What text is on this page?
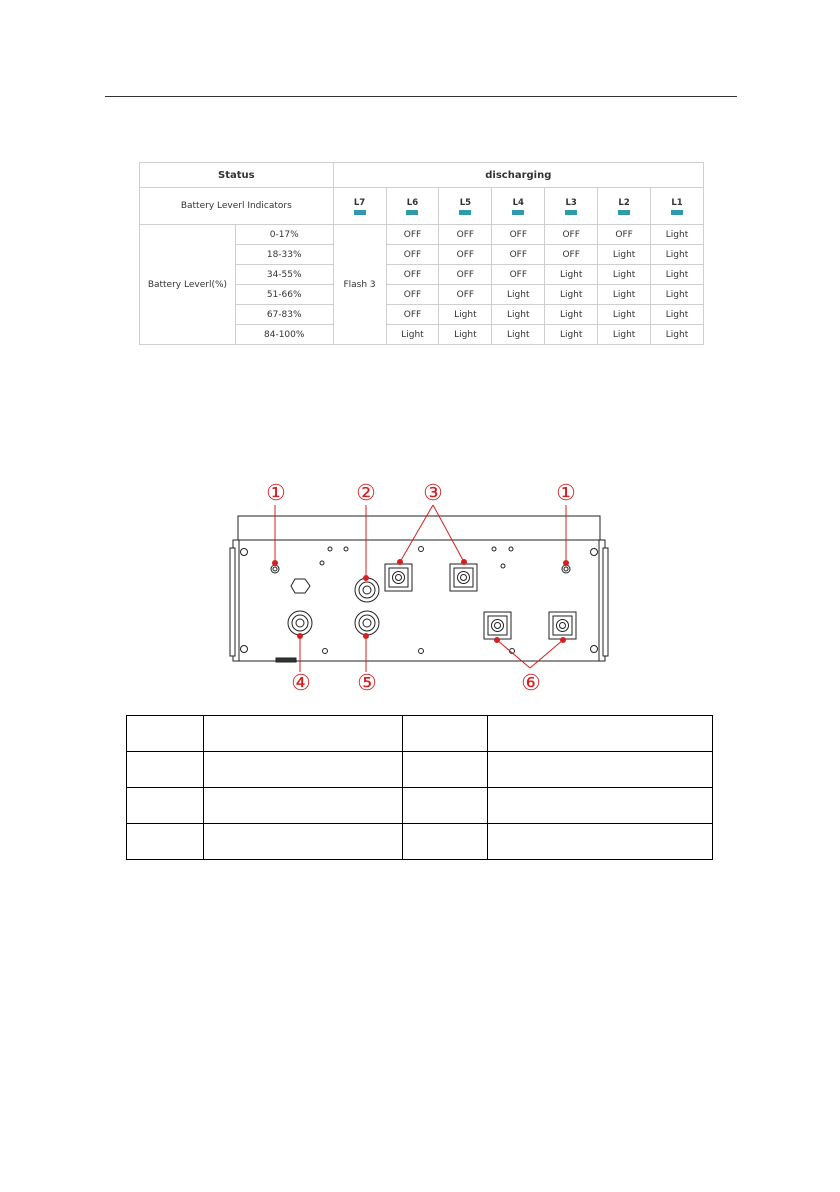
Status		discharging						
Battery Leverl Indicators		L7	L6	L5	L4	L3	L2	L1

Battery Leverl(%)	0-17%	Flash 3	OFF	OFF	OFF	OFF	OFF	Light
	18-33%		OFF	OFF	OFF	OFF	Light	Light
	34-55%		OFF	OFF	OFF	Light	Light	Light
	51-66%		OFF	OFF	Light	Light	Light	Light
	67-83%		OFF	Light	Light	Light	Light	Light
	84-100%		Light	Light	Light	Light	Light	Light
①	② ③	①
④ ⑤	⑥
